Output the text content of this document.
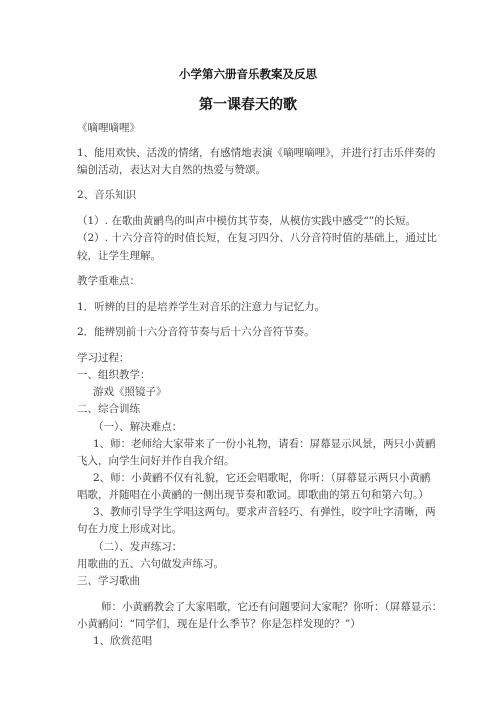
小学第六册音乐教案及反思
第一课春天的歌
《嘀哩嘀哩》
1、能用欢快、活泼的情绪，有感情地表演《嘀哩嘀哩》，并进行打击乐伴奏的
编创活动，表达对大自然的热爱与赞颂。
2、音乐知识
（1）. 在歌曲黄鹂鸟的叫声中模仿其节奏，从模仿实践中感受“”的长短。
（2）. 十六分音符的时值长短，在复习四分、八分音符时值的基础上，通过比
较，让学生理解。
教学重难点：
1．听辨的目的是培养学生对音乐的注意力与记忆力。
2．能辨别前十六分音符节奏与后十六分音符节奏。
学习过程：
一、组织教学：
游戏《照镜子》
二、综合训练
（一）、解决难点：
1、师：老师给大家带来了一份小礼物，请看：屏幕显示风景，两只小黄鹂
飞入，向学生问好并作自我介绍。
2、师：小黄鹂不仅有礼貌，它还会唱歌呢，你听：（屏幕显示两只小黄鹂
唱歌，并随唱在小黄鹂的一侧出现节奏和歌词。即歌曲的第五句和第六句。）
3、教师引导学生学唱这两句。要求声音轻巧、有弹性，咬字吐字清晰，两
句在力度上形成对比。
（二）、发声练习：
用歌曲的五、六句做发声练习。
三、学习歌曲
师：小黄鹂教会了大家唱歌，它还有问题要问大家呢？你听：（屏幕显示：
小黄鹂问：“同学们，现在是什么季节？你是怎样发现的？”）
1、欣赏范唱
